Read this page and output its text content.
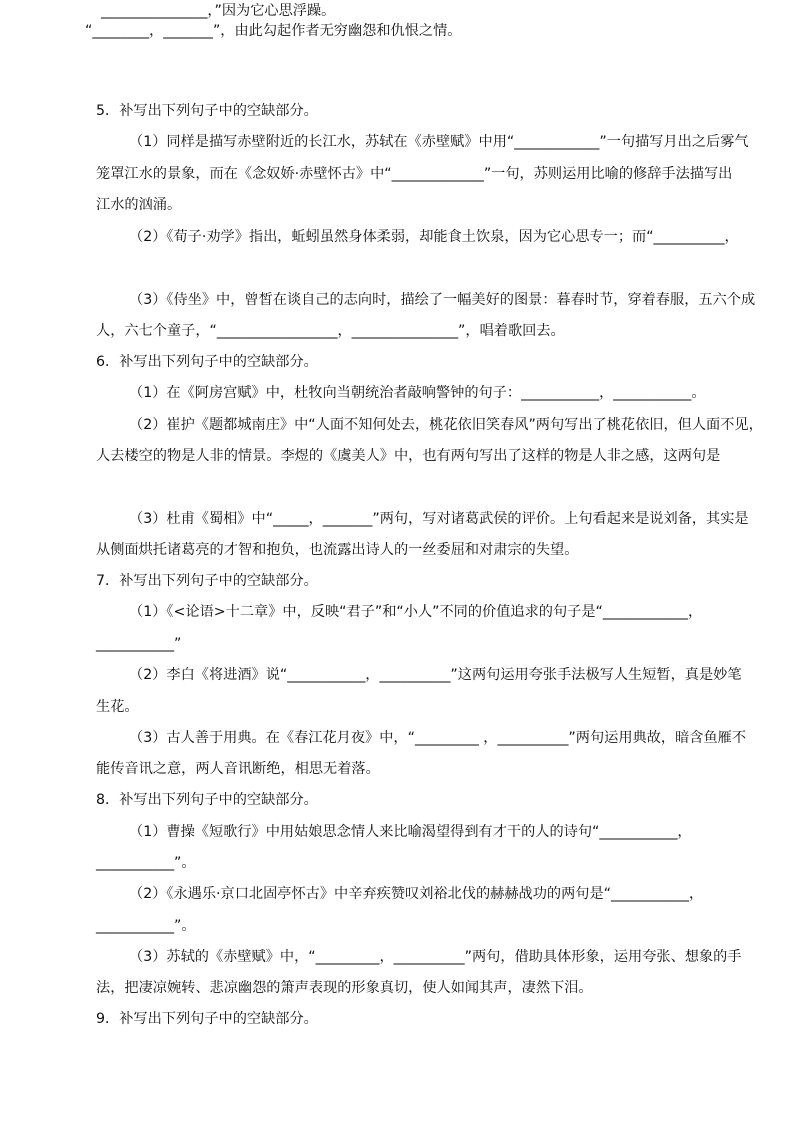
5．补写出下列句子中的空缺部分。
（1）同样是描写赤壁附近的长江水，苏轼在《赤壁赋》中用“____________”一句描写月出之后雾气
笼罩江水的景象，而在《念奴娇·赤壁怀古》中“_____________”一句，苏则运用比喻的修辞手法描写出
江水的汹涌。
（2）《荀子·劝学》指出，蚯蚓虽然身体柔弱，却能食土饮泉，因为它心思专一；而“__________，
_______________，”因为它心思浮躁。
（3）《侍坐》中，曾皙在谈自己的志向时，描绘了一幅美好的图景：暮春时节，穿着春服，五六个成
人，六七个童子，“_________________，_______________”，唱着歌回去。
6．补写出下列句子中的空缺部分。
（1）在《阿房宫赋》中，杜牧向当朝统治者敲响警钟的句子：___________，___________。
（2）崔护《题都城南庄》中“人面不知何处去，桃花依旧笑春风”两句写出了桃花依旧，但人面不见，
人去楼空的物是人非的情景。李煜的《虞美人》中，也有两句写出了这样的物是人非之感，这两句是
“________，_______”，由此勾起作者无穷幽怨和仇恨之情。
（3）杜甫《蜀相》中“_____，_______”两句，写对诸葛武侯的评价。上句看起来是说刘备，其实是
从侧面烘托诸葛亮的才智和抱负，也流露出诗人的一丝委屈和对肃宗的失望。
7．补写出下列句子中的空缺部分。
（1）《<论语>十二章》中，反映“君子”和“小人”不同的价值追求的句子是“____________，
___________”
（2）李白《将进酒》说“___________，__________”这两句运用夸张手法极写人生短暂，真是妙笔
生花。
（3）古人善于用典。在《春江花月夜》中，“_________ ，__________”两句运用典故，暗含鱼雁不
能传音讯之意，两人音讯断绝，相思无着落。
8．补写出下列句子中的空缺部分。
（1）曹操《短歌行》中用姑娘思念情人来比喻渴望得到有才干的人的诗句“___________，
___________”。
（2）《永遇乐·京口北固亭怀古》中辛弃疾赞叹刘裕北伐的赫赫战功的两句是“___________，
___________”。
（3）苏轼的《赤壁赋》中，“_________，__________”两句，借助具体形象，运用夸张、想象的手
法，把凄凉婉转、悲凉幽怨的箫声表现的形象真切，使人如闻其声，凄然下泪。
9．补写出下列句子中的空缺部分。
